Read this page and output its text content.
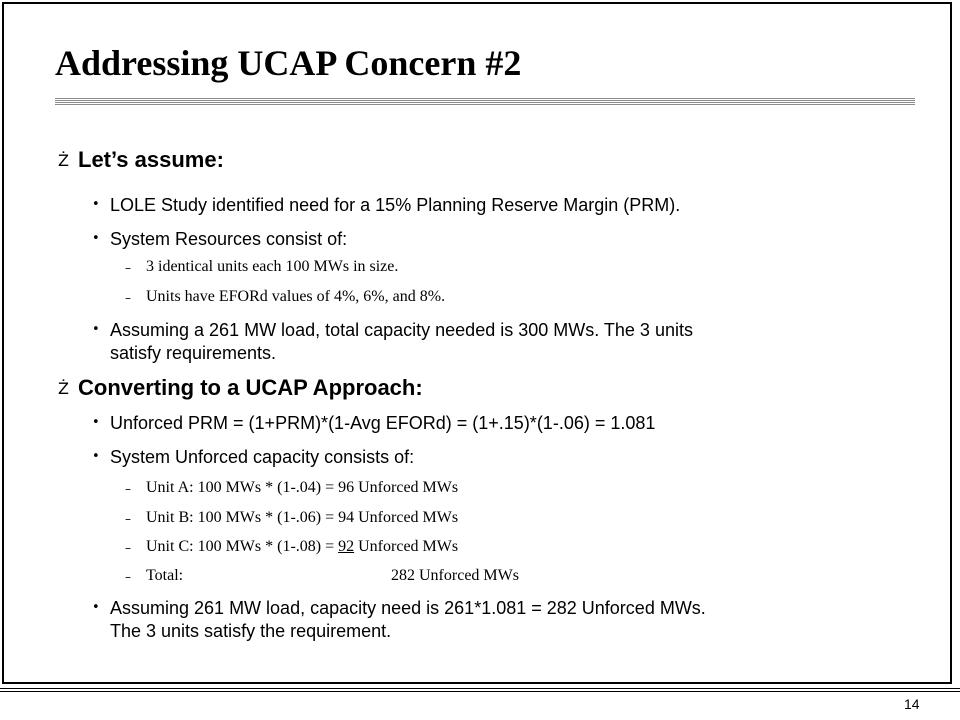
Addressing UCAP Concern #2
Ż Let’s assume:
• LOLE Study identified need for a 15% Planning Reserve Margin (PRM).
• System Resources consist of:
– 3 identical units each 100 MWs in size.
– Units have EFORd values of 4%, 6%, and 8%.
• Assuming a 261 MW load, total capacity needed is 300 MWs. The 3 units
satisfy requirements.
Ż Converting to a UCAP Approach:
• Unforced PRM = (1+PRM)*(1-Avg EFORd) = (1+.15)*(1-.06) = 1.081
• System Unforced capacity consists of:
– Unit A: 100 MWs * (1-.04) = 96 Unforced MWs
– Unit B: 100 MWs * (1-.06) = 94 Unforced MWs
– Unit C: 100 MWs * (1-.08) = 92 Unforced MWs
– Total:	282 Unforced MWs
• Assuming 261 MW load, capacity need is 261*1.081 = 282 Unforced MWs.
The 3 units satisfy the requirement.
14
